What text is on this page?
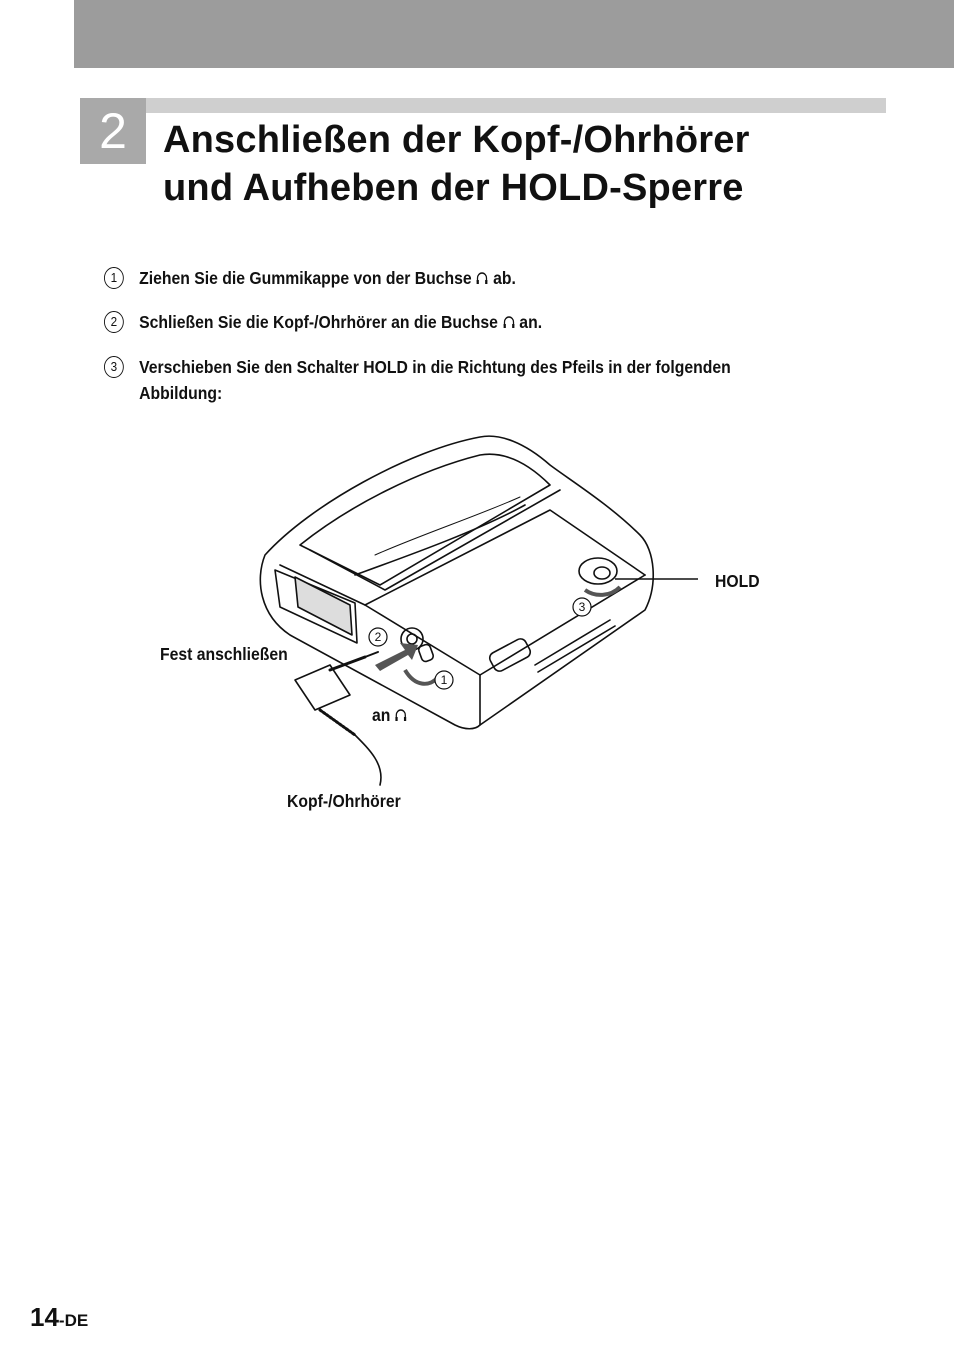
2 Anschließen der Kopf-/Ohrhörer
und Aufheben der HOLD-Sperre
1	Ziehen Sie die Gummikappe von der Buchse ab.
2	Schließen Sie die Kopf-/Ohrhörer an die Buchse an.
3	Verschieben Sie den Schalter HOLD in die Richtung des Pfeils in der folgenden
Abbildung:
2
1
3
HOLD
Fest anschließen
an
Kopf-/Ohrhörer
14-DE
